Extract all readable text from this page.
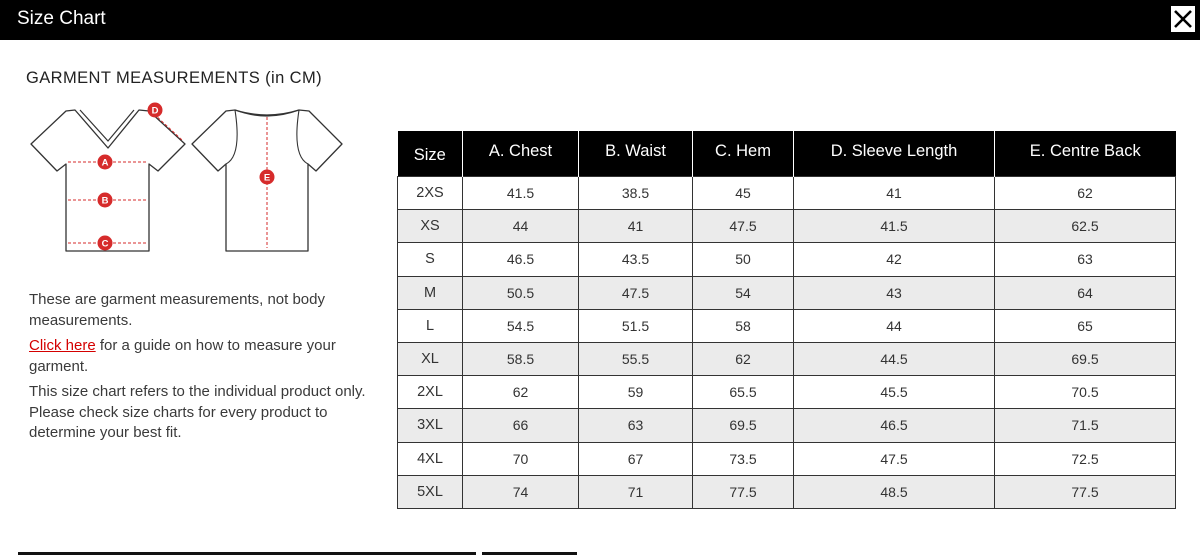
Size Chart
GARMENT MEASUREMENTS (in CM)
A
B
C
D
E
These are garment measurements, not body measurements.
Click here for a guide on how to measure your garment.
This size chart refers to the individual product only. Please check size charts for every product to determine your best fit.
Size	A. Chest	B. Waist	C. Hem	D. Sleeve Length	E. Centre Back
2XS	41.5	38.5	45	41	62
XS	44	41	47.5	41.5	62.5
S	46.5	43.5	50	42	63
M	50.5	47.5	54	43	64
L	54.5	51.5	58	44	65
XL	58.5	55.5	62	44.5	69.5
2XL	62	59	65.5	45.5	70.5
3XL	66	63	69.5	46.5	71.5
4XL	70	67	73.5	47.5	72.5
5XL	74	71	77.5	48.5	77.5
